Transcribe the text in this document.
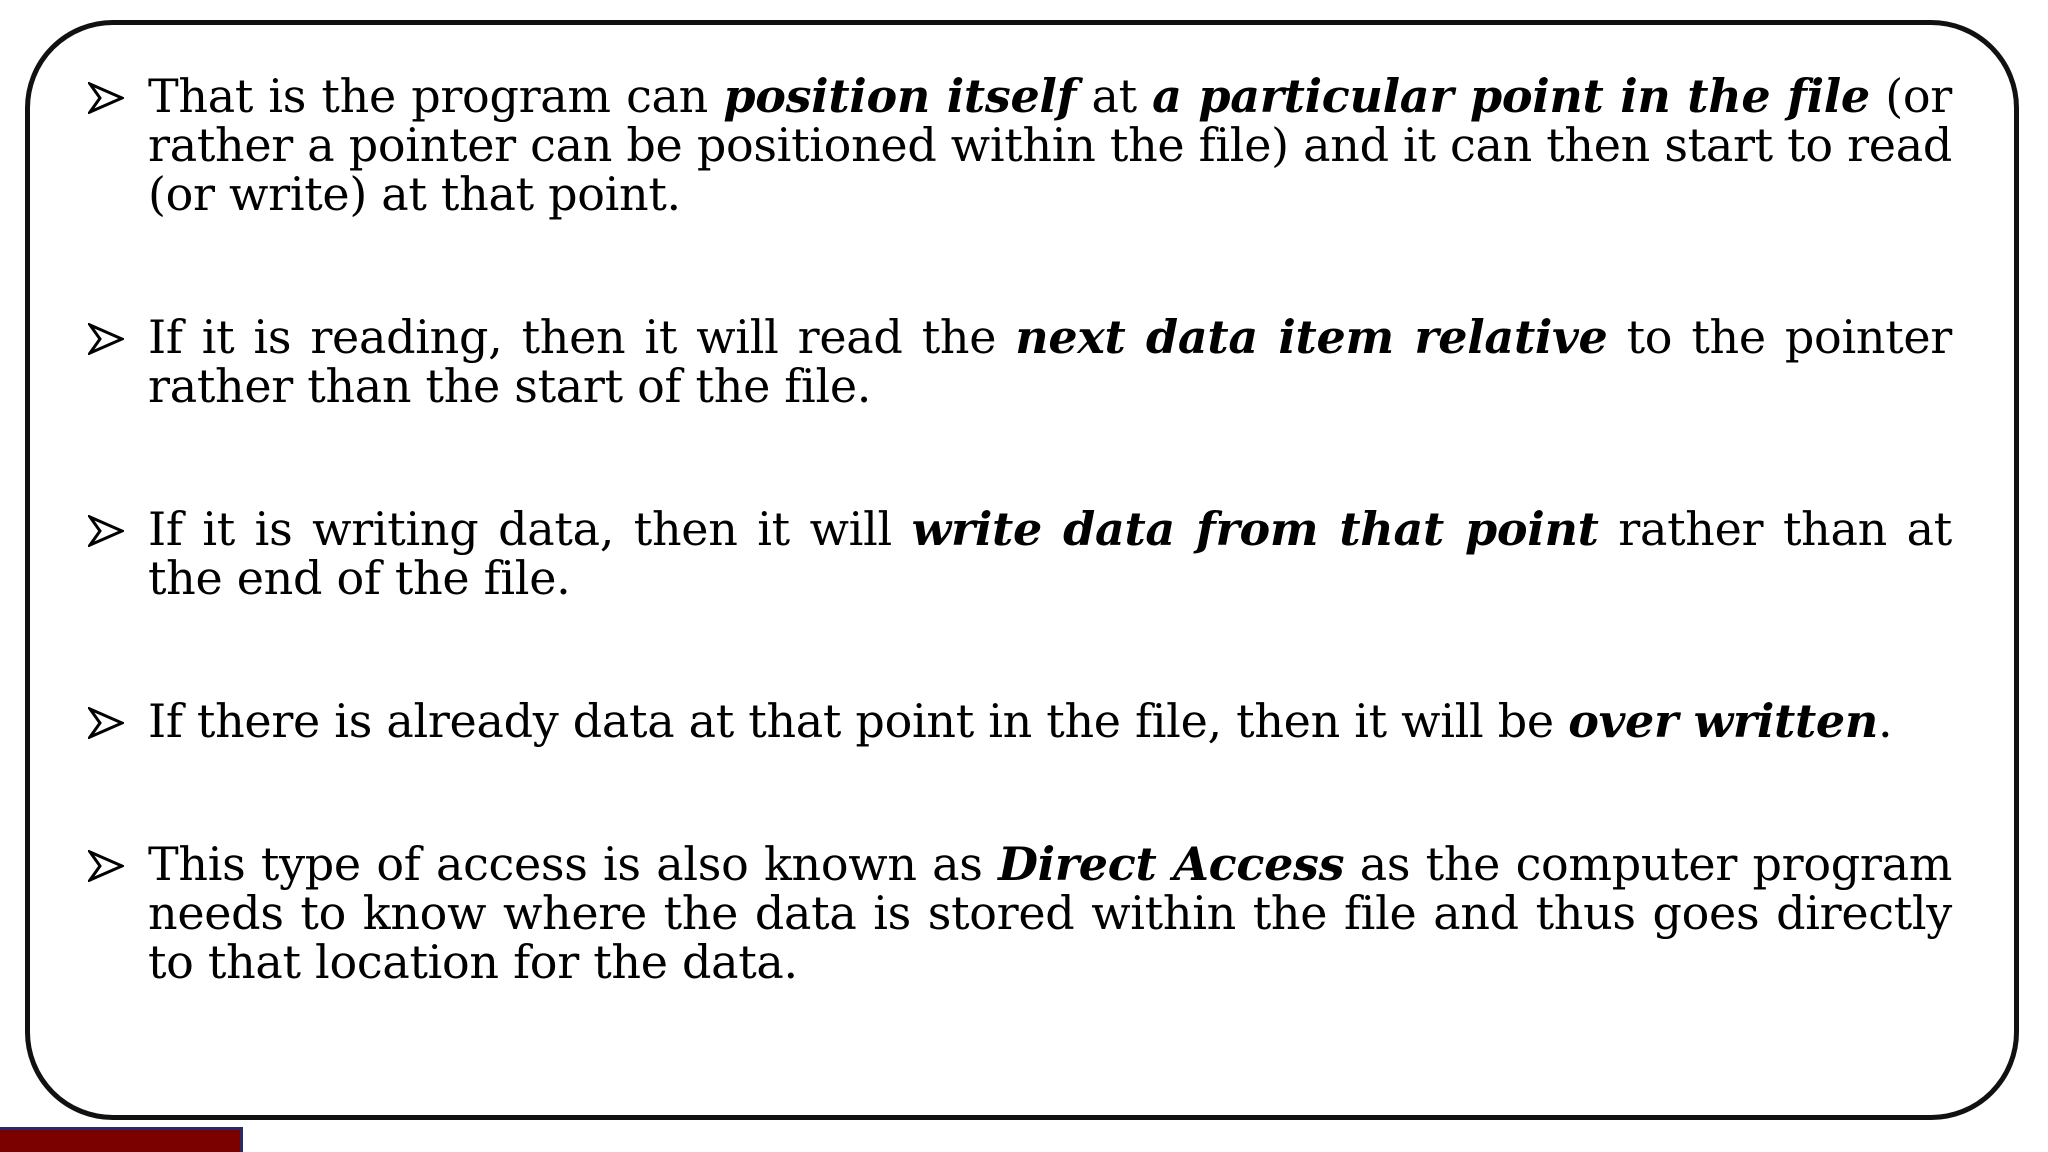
That is the program can position itself at a particular point in the file (or rather a pointer can be positioned within the file) and it can then start to read (or write) at that point.
If it is reading, then it will read the next data item relative to the pointer rather than the start of the file.
If it is writing data, then it will write data from that point rather than at the end of the file.
If there is already data at that point in the file, then it will be over written.
This type of access is also known as Direct Access as the computer program needs to know where the data is stored within the file and thus goes directly to that location for the data.
